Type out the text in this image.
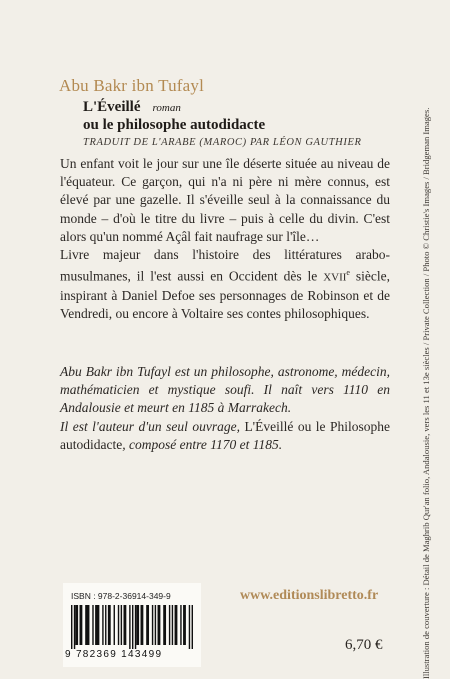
Abu Bakr ibn Tufayl
L'Éveillé roman
ou le philosophe autodidacte
TRADUIT DE L'ARABE (MAROC) PAR LÉON GAUTHIER

Un enfant voit le jour sur une île déserte située au niveau de l'équateur. Ce garçon, qui n'a ni père ni mère connus, est élevé par une gazelle. Il s'éveille seul à la connaissance du monde – d'où le titre du livre – puis à celle du divin. C'est alors qu'un nommé Açâl fait naufrage sur l'île…

Livre majeur dans l'histoire des littératures arabo-musulmanes, il l'est aussi en Occident dès le XVIIe siècle, inspirant à Daniel Defoe ses personnages de Robinson et de Vendredi, ou encore à Voltaire ses contes philosophiques.

Abu Bakr ibn Tufayl est un philosophe, astronome, médecin, mathématicien et mystique soufi. Il naît vers 1110 en Andalousie et meurt en 1185 à Marrakech.

Il est l'auteur d'un seul ouvrage, L'Éveillé ou le Philosophe autodidacte, composé entre 1170 et 1185.

ISBN : 978-2-36914-349-9
9 782369 143499
www.editionslibretto.fr
6,70 €	Illustration de couverture : Détail de Maghrib Qur'an folio, Andalousie, vers les 11 et 13e siècles / Private Collection / Photo © Christie's Images / Bridgeman Images.
